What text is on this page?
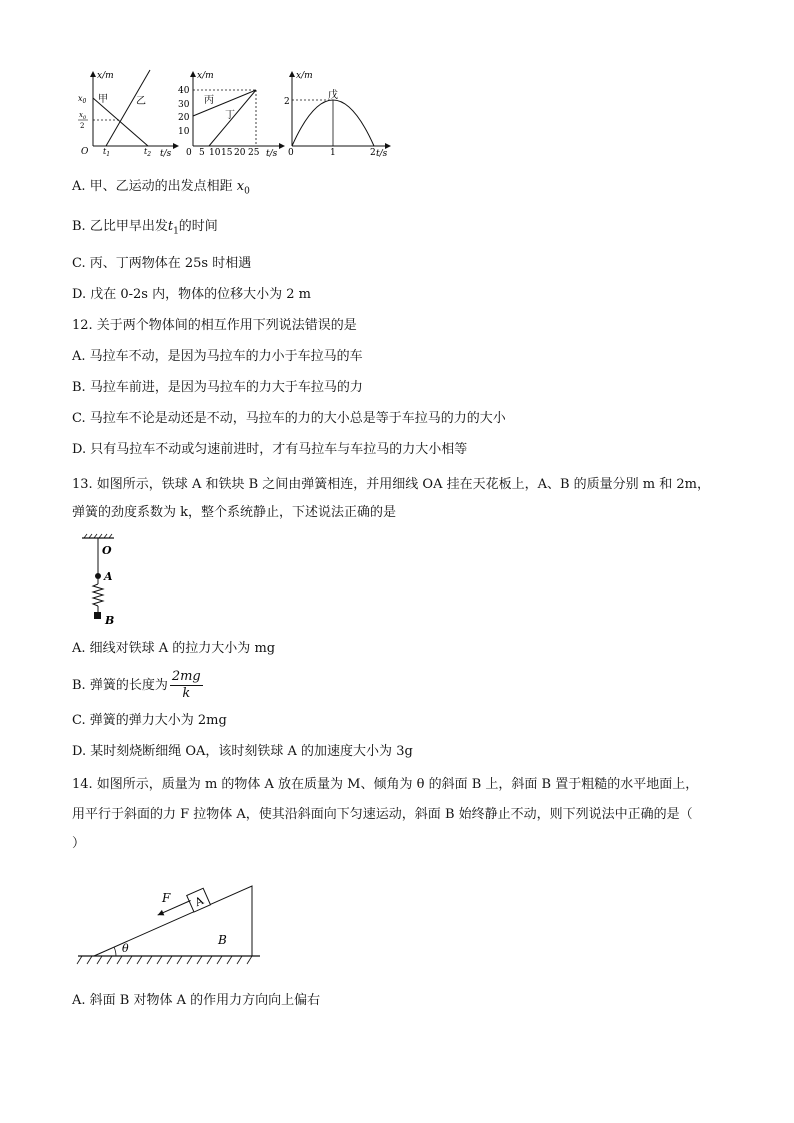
x/m
t/s
$x_0$
$x_0$
2
O $t_1$	$t_2$
甲	乙
x/m
t/s
40
30
20
10
0 5 10 15 20 25
丙
丁
x/m
t/s
2
0	1	2
戊
A. 甲、乙运动的出发点相距 $x_0$
B. 乙比甲早出发$t_1$的时间
C. 丙、丁两物体在 25s 时相遇
D. 戊在 0-2s 内，物体的位移大小为 2 m
12. 关于两个物体间的相互作用下列说法错误的是
A. 马拉车不动，是因为马拉车的力小于车拉马的车
B. 马拉车前进，是因为马拉车的力大于车拉马的力
C. 马拉车不论是动还是不动，马拉车的力的大小总是等于车拉马的力的大小
D. 只有马拉车不动或匀速前进时，才有马拉车与车拉马的力大小相等
13. 如图所示，铁球 A 和铁块 B 之间由弹簧相连，并用细线 OA 挂在天花板上，A、B 的质量分别 m 和 2m，
弹簧的劲度系数为 k，整个系统静止，下述说法正确的是
O
A
B
A. 细线对铁球 A 的拉力大小为 mg
B. 弹簧的长度为 $\frac{2mg}{k}$
C. 弹簧的弹力大小为 2mg
D. 某时刻烧断细绳 OA，该时刻铁球 A 的加速度大小为 3g
14. 如图所示，质量为 m 的物体 A 放在质量为 M、倾角为 θ 的斜面 B 上，斜面 B 置于粗糙的水平地面上，
用平行于斜面的力 F 拉物体 A，使其沿斜面向下匀速运动，斜面 B 始终静止不动，则下列说法中正确的是（
）
A
F
θ
B
A. 斜面 B 对物体 A 的作用力方向向上偏右
